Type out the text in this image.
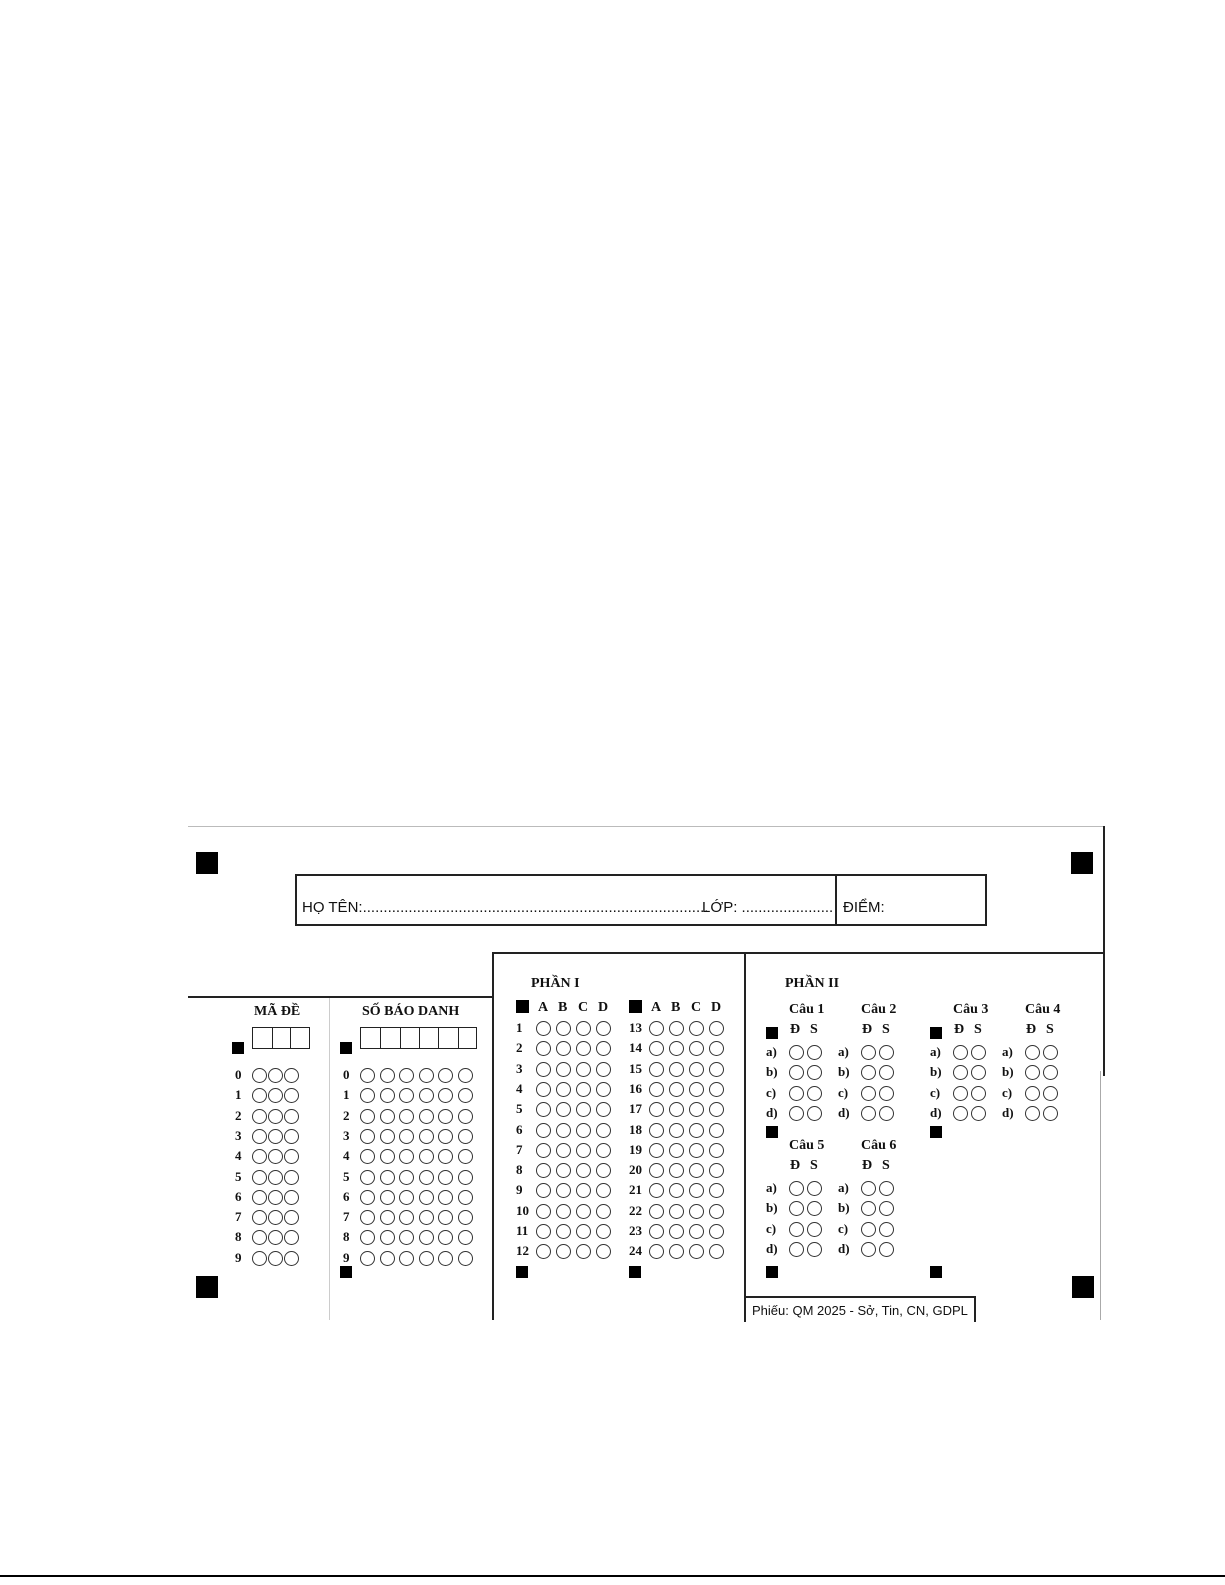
HỌ TÊN:...................................................................................
LỚP: ...................... ĐIỂM:
MÃ ĐỀ
0
1
2
3
4
5
6
7
8
9
SỐ BÁO DANH
0
1
2
3
4
5
6
7
8
9
PHẦN I
A B C D
1
2
3
4
5
6
7
8
9
10
11
12
A B C D
13
14
15
16
17
18
19
20
21
22
23
24
PHẦN II
Câu 1
Đ S
a)
b)
c)
d)
Câu 2
Đ S
a)
b)
c)
d)
Câu 3
Đ S
a)
b)
c)
d)
Câu 4
Đ S
a)
b)
c)
d)
Câu 5
Đ S
a)
b)
c)
d)
Câu 6
Đ S
a)
b)
c)
d)
Phiếu: QM 2025 - Sở, Tin, CN, GDPL
